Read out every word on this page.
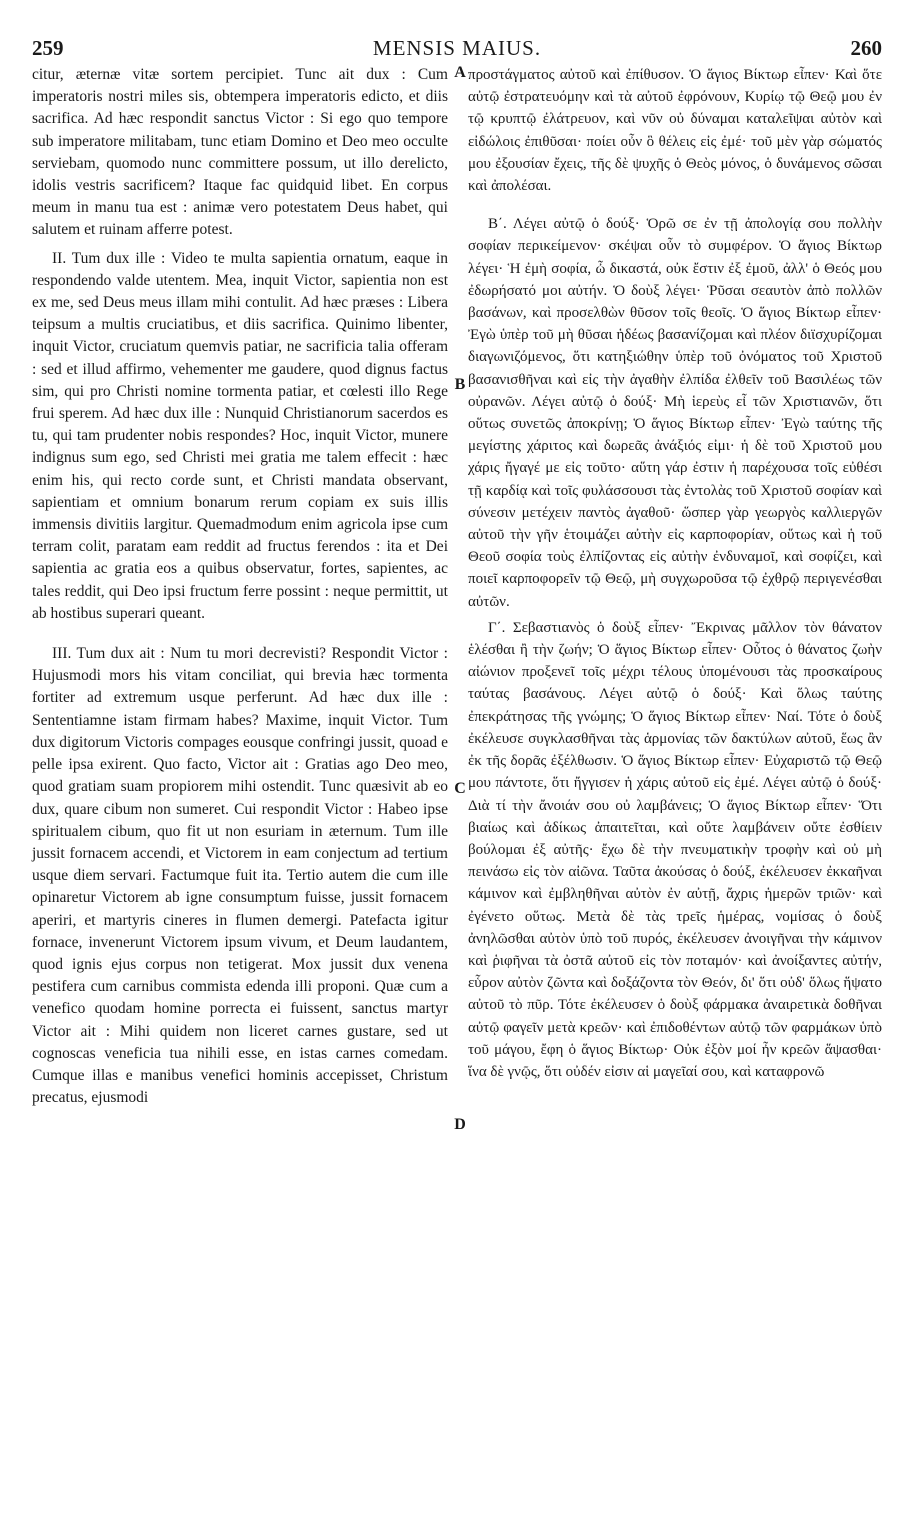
259	MENSIS MAIUS.	260

citur, æternæ vitæ sortem percipiet. Tunc ait dux : Cum imperatoris nostri miles sis, obtempera imperatoris edicto, et diis sacrifica. Ad hæc respondit sanctus Victor : Si ego quo tempore sub imperatore militabam, tunc etiam Domino et Deo meo occulte serviebam, quomodo nunc committere possum, ut illo derelicto, idolis vestris sacrificem? Itaque fac quidquid libet. En corpus meum in manu tua est : animæ vero potestatem Deus habet, qui salutem et ruinam afferre potest.

II. Tum dux ille : Video te multa sapientia ornatum, eaque in respondendo valde utentem. Mea, inquit Victor, sapientia non est ex me, sed Deus meus illam mihi contulit. Ad hæc præses : Libera teipsum a multis cruciatibus, et diis sacrifica. Quinimo libenter, inquit Victor, cruciatum quemvis patiar, ne sacrificia talia offeram : sed et illud affirmo, vehementer me gaudere, quod dignus factus sim, qui pro Christi nomine tormenta patiar, et cœlesti illo Rege frui sperem. Ad hæc dux ille : Nunquid Christianorum sacerdos es tu, qui tam prudenter nobis respondes? Hoc, inquit Victor, munere indignus sum ego, sed Christi mei gratia me talem effecit : hæc enim his, qui recto corde sunt, et Christi mandata observant, sapientiam et omnium bonarum rerum copiam ex suis illis immensis divitiis largitur. Quemadmodum enim agricola ipse cum terram colit, paratam eam reddit ad fructus ferendos : ita et Dei sapientia ac gratia eos a quibus observatur, fortes, sapientes, ac tales reddit, qui Deo ipsi fructum ferre possint : neque permittit, ut ab hostibus superari queant.

III. Tum dux ait : Num tu mori decrevisti? Respondit Victor : Hujusmodi mors his vitam conciliat, qui brevia hæc tormenta fortiter ad extremum usque perferunt. Ad hæc dux ille : Sententiamne istam firmam habes? Maxime, inquit Victor. Tum dux digitorum Victoris compages eousque confringi jussit, quoad e pelle ipsa exirent. Quo facto, Victor ait : Gratias ago Deo meo, quod gratiam suam propiorem mihi ostendit. Tunc quæsivit ab eo dux, quare cibum non sumeret. Cui respondit Victor : Habeo ipse spiritualem cibum, quo fit ut non esuriam in æternum. Tum ille jussit fornacem accendi, et Victorem in eam conjectum ad tertium usque diem servari. Factumque fuit ita. Tertio autem die cum ille opinaretur Victorem ab igne consumptum fuisse, jussit fornacem aperiri, et martyris cineres in flumen demergi. Patefacta igitur fornace, invenerunt Victorem ipsum vivum, et Deum laudantem, quod ignis ejus corpus non tetigerat. Mox jussit dux venena pestifera cum carnibus commista edenda illi proponi. Quæ cum a venefico quodam homine porrecta ei fuissent, sanctus martyr Victor ait : Mihi quidem non liceret carnes gustare, sed ut cognoscas veneficia tua nihili esse, en istas carnes comedam. Cumque illas e manibus venefici hominis accepisset, Christum precatus, ejusmodi

προστάγματος αὐτοῦ καὶ ἐπίθυσον. Ὁ ἅγιος Βίκτωρ εἶπεν· Καὶ ὅτε αὐτῷ ἐστρατευόμην καὶ τὰ αὐτοῦ ἐφρόνουν, Κυρίῳ τῷ Θεῷ μου ἐν τῷ κρυπτῷ ἐλάτρευον, καὶ νῦν οὐ δύναμαι καταλεῖψαι αὐτὸν καὶ εἰδώλοις ἐπιθῦσαι· ποίει οὖν ὃ θέλεις εἰς ἐμέ· τοῦ μὲν γὰρ σώματός μου ἐξουσίαν ἔχεις, τῆς δὲ ψυχῆς ὁ Θεὸς μόνος, ὁ δυνάμενος σῶσαι καὶ ἀπολέσαι.

Β΄. Λέγει αὐτῷ ὁ δούξ· Ὁρῶ σε ἐν τῇ ἀπολογίᾳ σου πολλὴν σοφίαν περικείμενον· σκέψαι οὖν τὸ συμφέρον. Ὁ ἅγιος Βίκτωρ λέγει· Ἡ ἐμὴ σοφία, ὦ δικαστά, οὐκ ἔστιν ἐξ ἐμοῦ, ἀλλ' ὁ Θεός μου ἐδωρήσατό μοι αὐτήν. Ὁ δοὺξ λέγει· Ῥῦσαι σεαυτὸν ἀπὸ πολλῶν βασάνων, καὶ προσελθὼν θῦσον τοῖς θεοῖς. Ὁ ἅγιος Βίκτωρ εἶπεν· Ἐγὼ ὑπὲρ τοῦ μὴ θῦσαι ἡδέως βασανίζομαι καὶ πλέον διϊσχυρίζομαι διαγωνιζόμενος, ὅτι κατηξιώθην ὑπὲρ τοῦ ὀνόματος τοῦ Χριστοῦ βασανισθῆναι καὶ εἰς τὴν ἀγαθὴν ἐλπίδα ἐλθεῖν τοῦ Βασιλέως τῶν οὐρανῶν. Λέγει αὐτῷ ὁ δούξ· Μὴ ἱερεὺς εἶ τῶν Χριστιανῶν, ὅτι οὕτως συνετῶς ἀποκρίνῃ; Ὁ ἅγιος Βίκτωρ εἶπεν· Ἐγὼ ταύτης τῆς μεγίστης χάριτος καὶ δωρεᾶς ἀνάξιός εἰμι· ἡ δὲ τοῦ Χριστοῦ μου χάρις ἤγαγέ με εἰς τοῦτο· αὕτη γάρ ἐστιν ἡ παρέχουσα τοῖς εὐθέσι τῇ καρδίᾳ καὶ τοῖς φυλάσσουσι τὰς ἐντολὰς τοῦ Χριστοῦ σοφίαν καὶ σύνεσιν μετέχειν παντὸς ἀγαθοῦ· ὥσπερ γὰρ γεωργὸς καλλιεργῶν αὐτοῦ τὴν γῆν ἑτοιμάζει αὐτὴν εἰς καρποφορίαν, οὕτως καὶ ἡ τοῦ Θεοῦ σοφία τοὺς ἐλπίζοντας εἰς αὐτὴν ἐνδυναμοῖ, καὶ σοφίζει, καὶ ποιεῖ καρποφορεῖν τῷ Θεῷ, μὴ συγχωροῦσα τῷ ἐχθρῷ περιγενέσθαι αὐτῶν.

Γ΄. Σεβαστιανὸς ὁ δοὺξ εἶπεν· Ἔκρινας μᾶλλον τὸν θάνατον ἑλέσθαι ἢ τὴν ζωήν; Ὁ ἅγιος Βίκτωρ εἶπεν· Οὗτος ὁ θάνατος ζωὴν αἰώνιον προξενεῖ τοῖς μέχρι τέλους ὑπομένουσι τὰς προσκαίρους ταύτας βασάνους. Λέγει αὐτῷ ὁ δούξ· Καὶ ὅλως ταύτης ἐπεκράτησας τῆς γνώμης; Ὁ ἅγιος Βίκτωρ εἶπεν· Ναί. Τότε ὁ δοὺξ ἐκέλευσε συγκλασθῆναι τὰς ἁρμονίας τῶν δακτύλων αὐτοῦ, ἕως ἂν ἐκ τῆς δορᾶς ἐξέλθωσιν. Ὁ ἅγιος Βίκτωρ εἶπεν· Εὐχαριστῶ τῷ Θεῷ μου πάντοτε, ὅτι ἤγγισεν ἡ χάρις αὐτοῦ εἰς ἐμέ. Λέγει αὐτῷ ὁ δούξ· Διὰ τί τὴν ἄνοιάν σου οὐ λαμβάνεις; Ὁ ἅγιος Βίκτωρ εἶπεν· Ὅτι βιαίως καὶ ἀδίκως ἀπαιτεῖται, καὶ οὔτε λαμβάνειν οὔτε ἐσθίειν βούλομαι ἐξ αὐτῆς· ἔχω δὲ τὴν πνευματικὴν τροφὴν καὶ οὐ μὴ πεινάσω εἰς τὸν αἰῶνα. Ταῦτα ἀκούσας ὁ δούξ, ἐκέλευσεν ἐκκαῆναι κάμινον καὶ ἐμβληθῆναι αὐτὸν ἐν αὐτῇ, ἄχρις ἡμερῶν τριῶν· καὶ ἐγένετο οὕτως. Μετὰ δὲ τὰς τρεῖς ἡμέρας, νομίσας ὁ δοὺξ ἀνηλῶσθαι αὐτὸν ὑπὸ τοῦ πυρός, ἐκέλευσεν ἀνοιγῆναι τὴν κάμινον καὶ ῥιφῆναι τὰ ὀστᾶ αὐτοῦ εἰς τὸν ποταμόν· καὶ ἀνοίξαντες αὐτήν, εὗρον αὐτὸν ζῶντα καὶ δοξάζοντα τὸν Θεόν, δι' ὅτι οὐδ' ὅλως ἥψατο αὐτοῦ τὸ πῦρ. Τότε ἐκέλευσεν ὁ δοὺξ φάρμακα ἀναιρετικὰ δοθῆναι αὐτῷ φαγεῖν μετὰ κρεῶν· καὶ ἐπιδοθέντων αὐτῷ τῶν φαρμάκων ὑπὸ τοῦ μάγου, ἔφη ὁ ἅγιος Βίκτωρ· Οὐκ ἐξὸν μοί ἦν κρεῶν ἅψασθαι· ἵνα δὲ γνῷς, ὅτι οὐδέν εἰσιν αἱ μαγεῖαί σου, καὶ καταφρονῶ

A
B
C
D
